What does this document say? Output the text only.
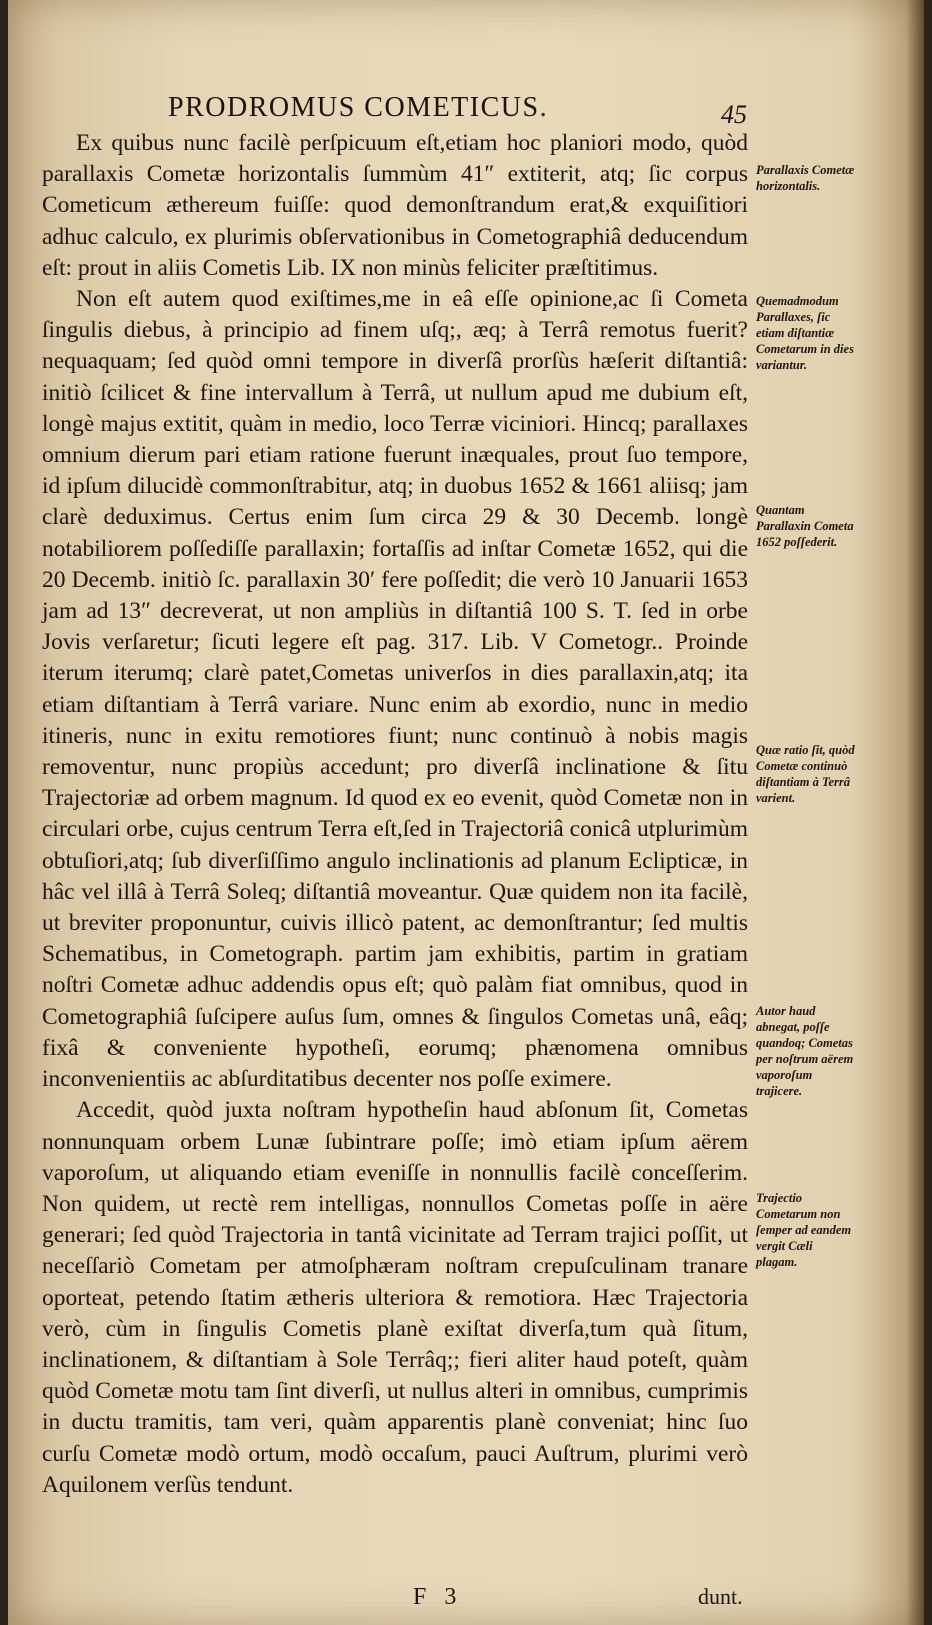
PRODROMUS COMETICUS.	45

Ex quibus nunc facilè perſpicuum eſt,etiam hoc planiori modo, quòd parallaxis Cometæ horizontalis ſummùm 41″ extiterit, atq; ſic corpus Cometicum æthereum fuiſſe: quod demonſtrandum erat,& exquiſitiori adhuc calculo, ex plurimis obſervationibus in Cometographiâ deducendum eſt: prout in aliis Cometis Lib. IX non minùs feliciter præſtitimus.

Non eſt autem quod exiſtimes,me in eâ eſſe opinione,ac ſi Cometa ſingulis diebus, à principio ad finem uſq;, æq; à Terrâ remotus fuerit? nequaquam; ſed quòd omni tempore in diverſâ prorſùs hæſerit diſtantiâ: initiò ſcilicet & fine intervallum à Terrâ, ut nullum apud me dubium eſt, longè majus extitit, quàm in medio, loco Terræ viciniori. Hincq; parallaxes omnium dierum pari etiam ratione fuerunt inæquales, prout ſuo tempore, id ipſum dilucidè commonſtrabitur, atq; in duobus 1652 & 1661 aliisq; jam clarè deduximus. Certus enim ſum circa 29 & 30 Decemb. longè notabiliorem poſſediſſe parallaxin; fortaſſis ad inſtar Cometæ 1652, qui die 20 Decemb. initiò ſc. parallaxin 30′ fere poſſedit; die verò 10 Januarii 1653 jam ad 13″ decreverat, ut non ampliùs in diſtantiâ 100 S. T. ſed in orbe Jovis verſaretur; ſicuti legere eſt pag. 317. Lib. V Cometogr.. Proinde iterum iterumq; clarè patet,Cometas univerſos in dies parallaxin,atq; ita etiam diſtantiam à Terrâ variare. Nunc enim ab exordio, nunc in medio itineris, nunc in exitu remotiores fiunt; nunc continuò à nobis magis removentur, nunc propiùs accedunt; pro diverſâ inclinatione & ſitu Trajectoriæ ad orbem magnum. Id quod ex eo evenit, quòd Cometæ non in circulari orbe, cujus centrum Terra eſt,ſed in Trajectoriâ conicâ utplurimùm obtuſiori,atq; ſub diverſiſſimo angulo inclinationis ad planum Eclipticæ, in hâc vel illâ à Terrâ Soleq; diſtantiâ moveantur. Quæ quidem non ita facilè, ut breviter proponuntur, cuivis illicò patent, ac demonſtrantur; ſed multis Schematibus, in Cometograph. partim jam exhibitis, partim in gratiam noſtri Cometæ adhuc addendis opus eſt; quò palàm fiat omnibus, quod in Cometographiâ ſuſcipere auſus ſum, omnes & ſingulos Cometas unâ, eâq; fixâ & conveniente hypotheſi, eorumq; phænomena omnibus inconvenientiis ac abſurditatibus decenter nos poſſe eximere.

Accedit, quòd juxta noſtram hypotheſin haud abſonum ſit, Cometas nonnunquam orbem Lunæ ſubintrare poſſe; imò etiam ipſum aërem vaporoſum, ut aliquando etiam eveniſſe in nonnullis facilè conceſſerim. Non quidem, ut rectè rem intelligas, nonnullos Cometas poſſe in aëre generari; ſed quòd Trajectoria in tantâ vicinitate ad Terram trajici poſſit, ut neceſſariò Cometam per atmoſphæram noſtram crepuſculinam tranare oporteat, petendo ſtatim ætheris ulteriora & remotiora. Hæc Trajectoria verò, cùm in ſingulis Cometis planè exiſtat diverſa,tum quà ſitum, inclinationem, & diſtantiam à Sole Terrâq;; fieri aliter haud poteſt, quàm quòd Cometæ motu tam ſint diverſi, ut nullus alteri in omnibus, cumprimis in ductu tramitis, tam veri, quàm apparentis planè conveniat; hinc ſuo curſu Cometæ modò ortum, modò occaſum, pauci Auſtrum, plurimi verò Aquilonem verſùs tendunt.

Parallaxis Cometæ horizontalis.
Quemadmodum Parallaxes, ſic etiam diſtantiæ Cometarum in dies variantur.
Quantam Parallaxin Cometa 1652 poſſederit.
Quæ ratio ſit, quòd Cometæ continuò diſtantiam à Terrâ varient.
Autor haud abnegat, poſſe quandoq; Cometas per noſtrum aërem vaporoſum trajicere.
Trajectio Cometarum non ſemper ad eandem vergit Cæli plagam.
F 3	dunt.
